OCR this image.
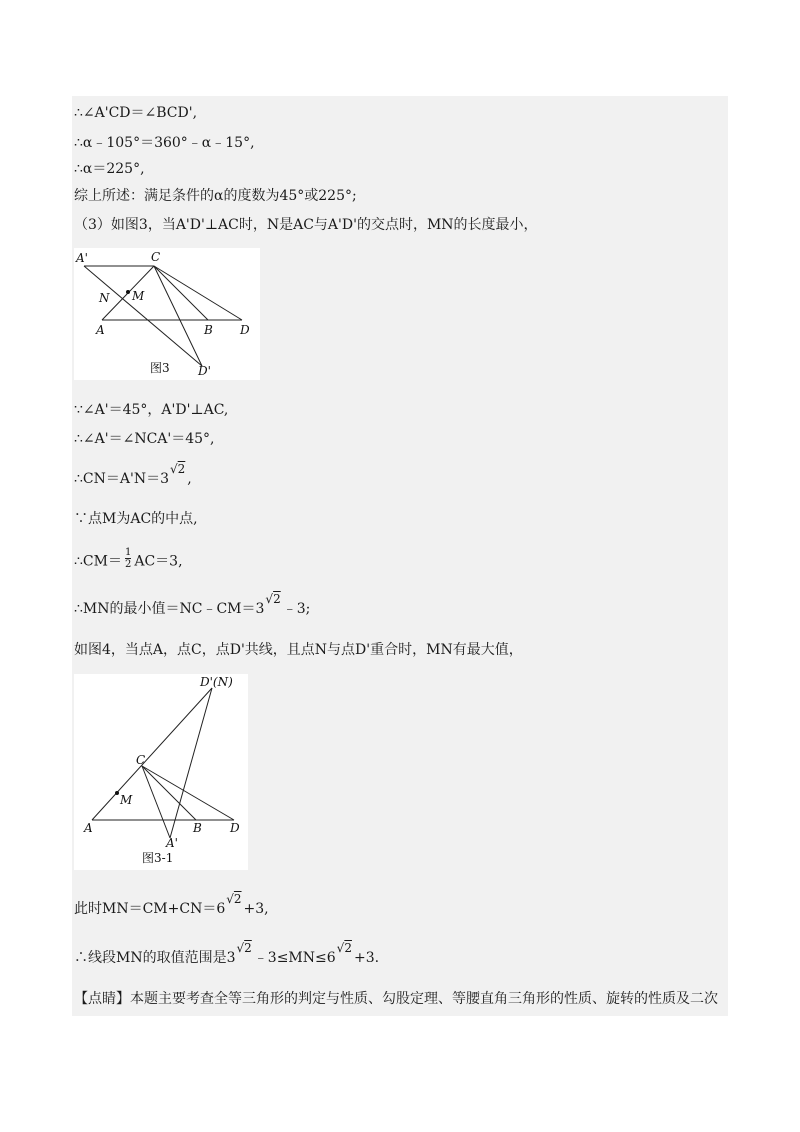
∴∠A'CD＝∠BCD',
∴α﹣105°＝360°﹣α﹣15°,
∴α＝225°,
综上所述：满足条件的α的度数为45°或225°;
（3）如图3，当A'D'⊥AC时，N是AC与A'D'的交点时，MN的长度最小，
A'	C
N M
A	B D
D'
图3
∵∠A'＝45°，A'D'⊥AC,
∴∠A'＝∠NCA'＝45°,
∴CN＝A'N＝3√2,
∵点M为AC的中点,
∴CM＝ $\frac{1}{2} AC=3$,
∴MN的最小值＝NC﹣CM＝3√2﹣3;
如图4，当点A，点C，点D'共线，且点N与点D'重合时，MN有最大值，
D'(N)
C
M
A
A'
B D
图3-1
此时MN＝CM+CN＝6√2+3,
∴线段MN的取值范围是3√2﹣3≤MN≤6√2+3.
【点睛】本题主要考查全等三角形的判定与性质、勾股定理、等腰直角三角形的性质、旋转的性质及二次
